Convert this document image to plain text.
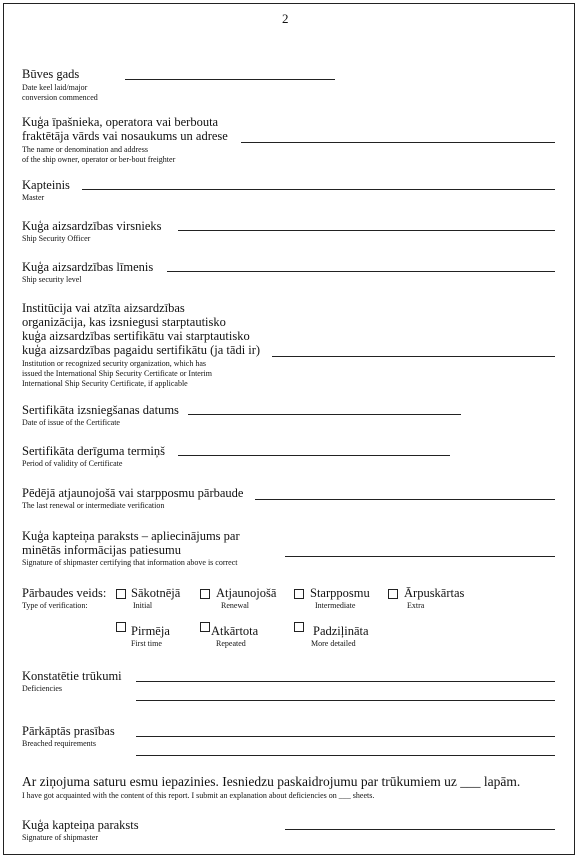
2
Būves gads
Date keel laid/major
conversion commenced
Kuģa īpašnieka, operatora vai berbouta
fraktētāja vārds vai nosaukums un adrese
The name or denomination and address
of the ship owner, operator or ber-bout freighter
Kapteinis
Master
Kuģa aizsardzības virsnieks
Ship Security Officer
Kuģa aizsardzības līmenis
Ship security level
Institūcija vai atzīta aizsardzības
organizācija, kas izsniegusi starptautisko
kuģa aizsardzības sertifikātu vai starptautisko
kuģa aizsardzības pagaidu sertifikātu (ja tādi ir)
Institution or recognized security organization, which has
issued the International Ship Security Certificate or Interim
International Ship Security Certificate, if applicable
Sertifikāta izsniegšanas datums
Date of issue of the Certificate
Sertifikāta derīguma termiņš
Period of validity of Certificate
Pēdējā atjaunojošā vai starpposmu pārbaude
The last renewal or intermediate verification
Kuģa kapteiņa paraksts – apliecinājums par
minētās informācijas patiesumu
Signature of shipmaster certifying that information above is correct
Pārbaudes veids:
Type of verification:
Sākotnējā
Initial
Atjaunojošā
Renewal
Starpposmu
Intermediate
Ārpuskārtas
Extra
Pirmēja
First time
Atkārtota
Repeated
Padziļināta
More detailed
Konstatētie trūkumi
Deficiencies
Pārkāptās prasības
Breached requirements
Ar ziņojuma saturu esmu iepazinies. Iesniedzu paskaidrojumu par trūkumiem uz ___ lapām.
I have got acquainted with the content of this report. I submit an explanation about deficiencies on ___ sheets.
Kuģa kapteiņa paraksts
Signature of shipmaster
